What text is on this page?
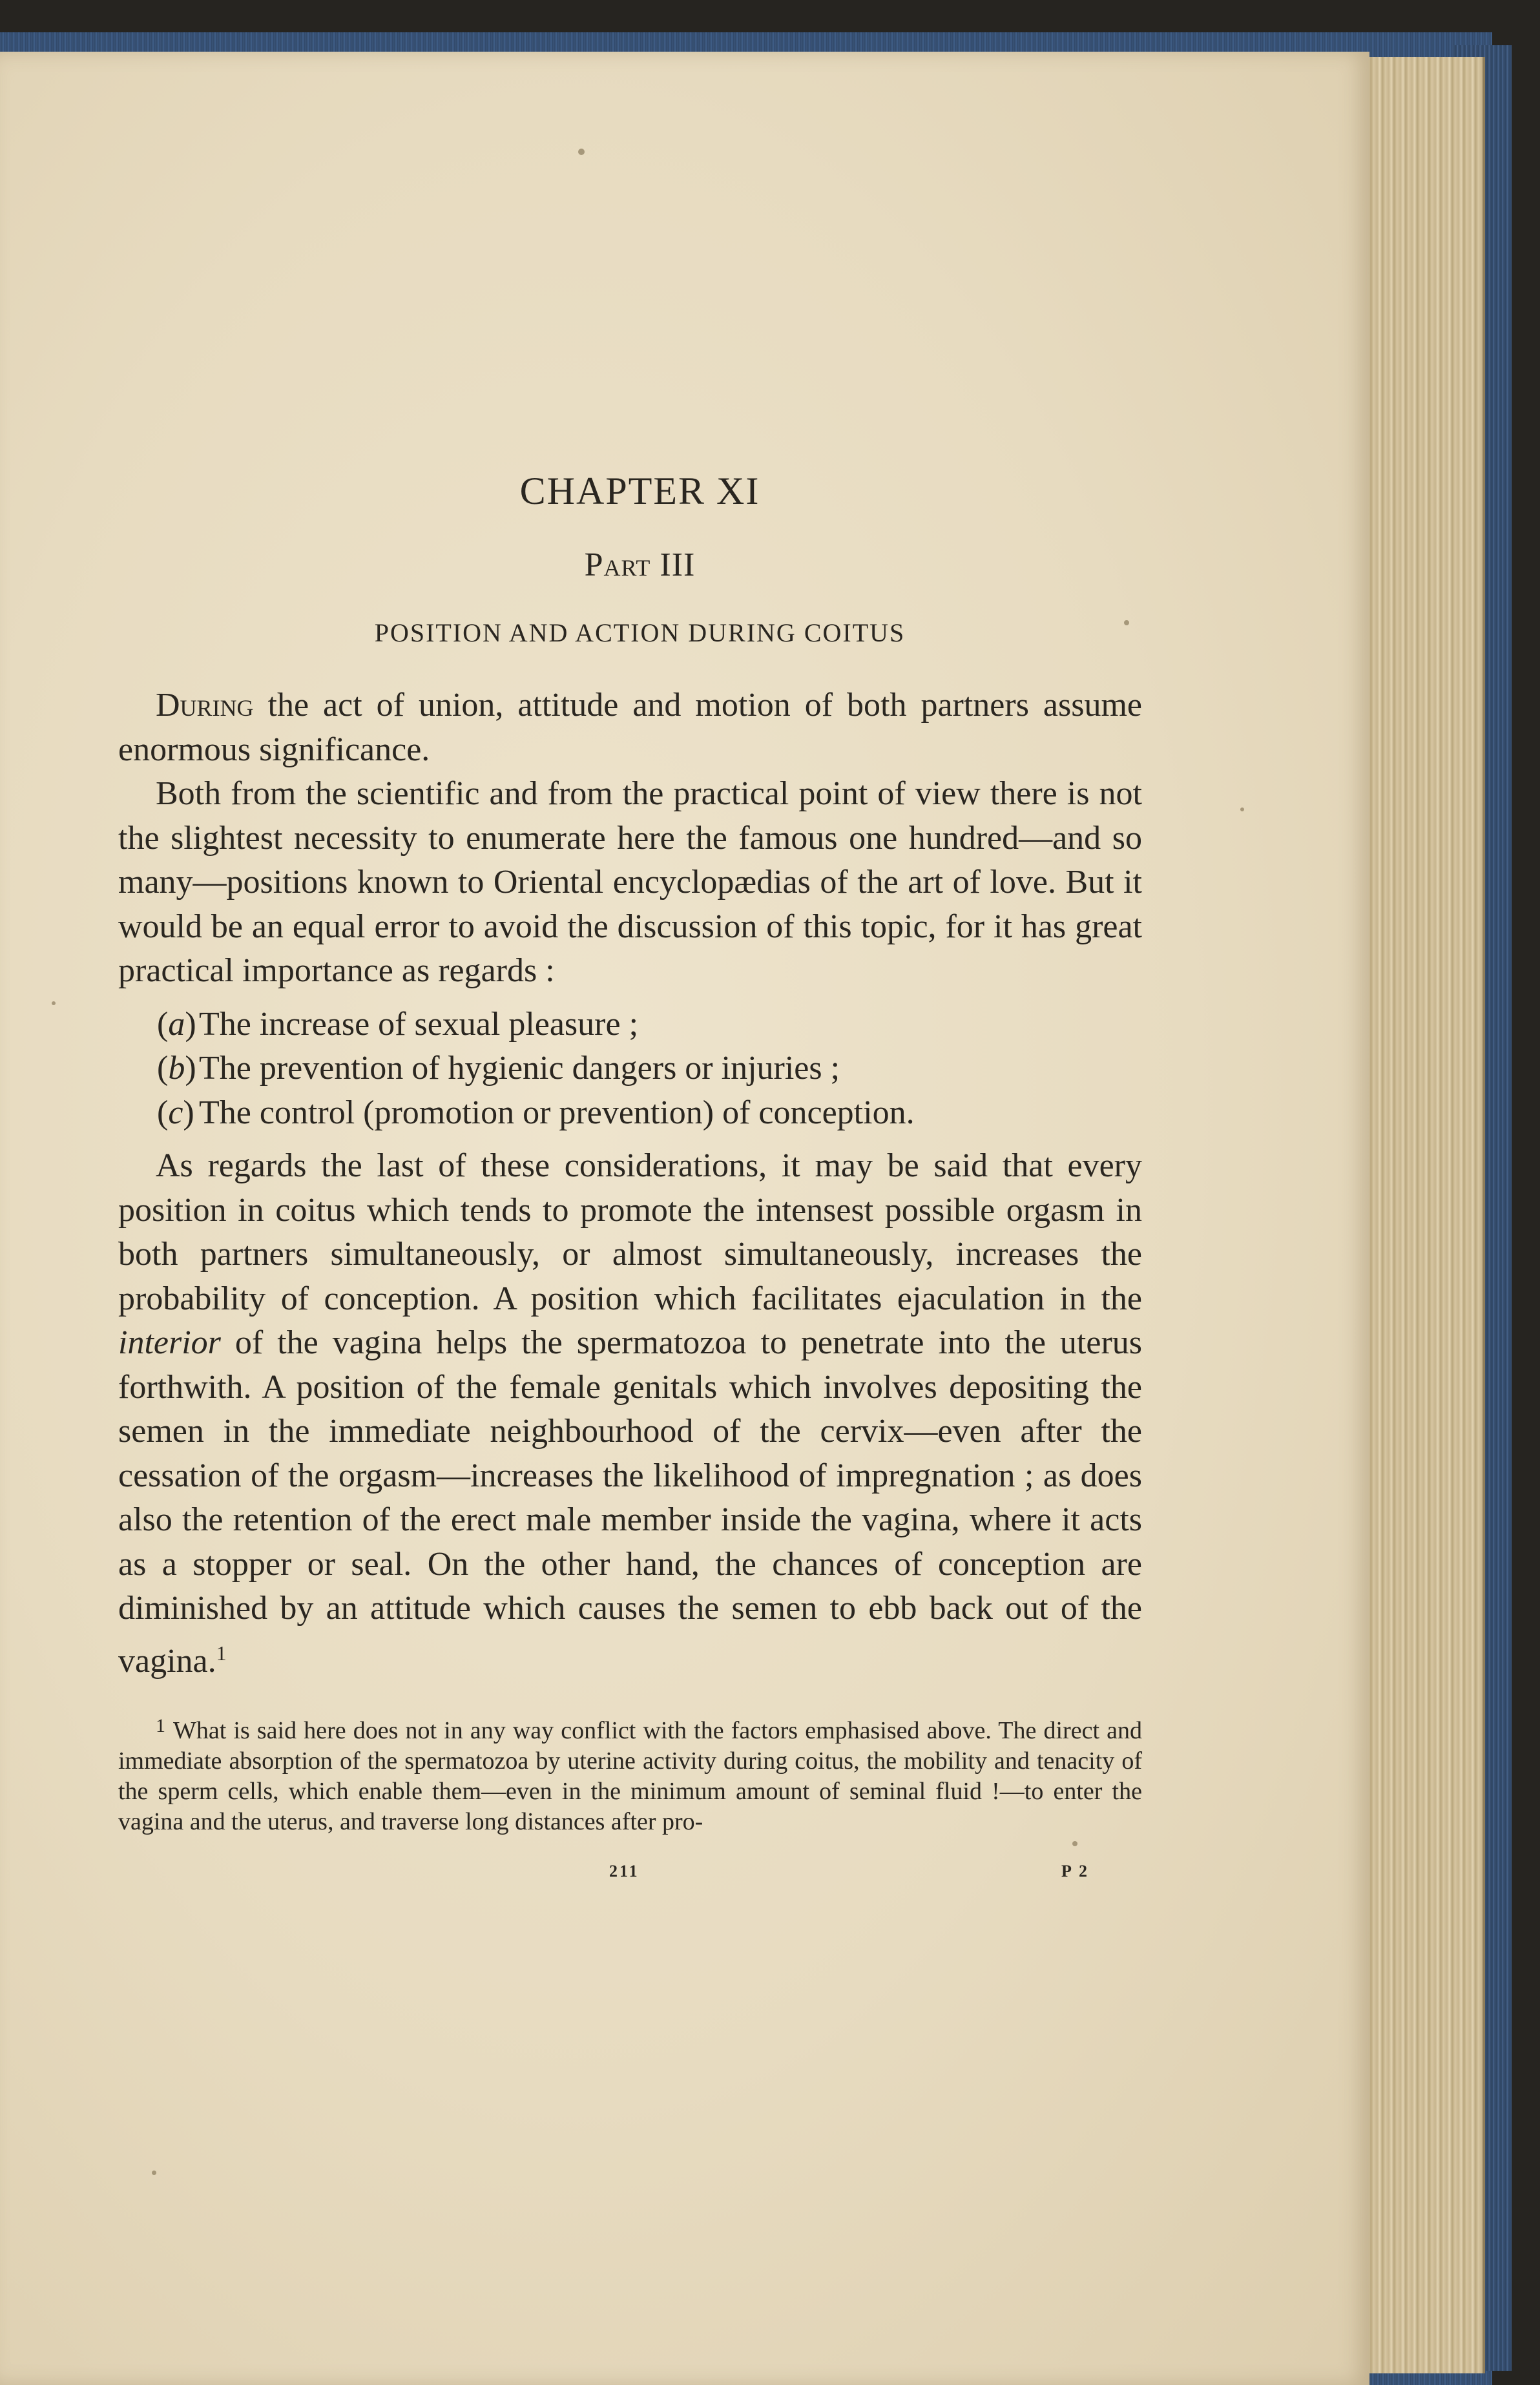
CHAPTER XI
Part III
POSITION AND ACTION DURING COITUS

During the act of union, attitude and motion of both partners assume enormous significance.

Both from the scientific and from the practical point of view there is not the slightest necessity to enumerate here the famous one hundred—and so many—positions known to Oriental encyclopædias of the art of love. But it would be an equal error to avoid the discussion of this topic, for it has great practical importance as regards :

(a) The increase of sexual pleasure ;
(b) The prevention of hygienic dangers or injuries ;
(c) The control (promotion or prevention) of conception.

As regards the last of these considerations, it may be said that every position in coitus which tends to promote the intensest possible orgasm in both partners simultaneously, or almost simultaneously, increases the probability of conception. A position which facilitates ejaculation in the interior of the vagina helps the spermatozoa to penetrate into the uterus forthwith. A position of the female genitals which involves depositing the semen in the immediate neighbourhood of the cervix—even after the cessation of the orgasm—increases the likelihood of impregnation ; as does also the retention of the erect male member inside the vagina, where it acts as a stopper or seal. On the other hand, the chances of conception are diminished by an attitude which causes the semen to ebb back out of the vagina.$^1$

$^1$ What is said here does not in any way conflict with the factors emphasised above. The direct and immediate absorption of the spermatozoa by uterine activity during coitus, the mobility and tenacity of the sperm cells, which enable them—even in the minimum amount of seminal fluid !—to enter the vagina and the uterus, and traverse long distances after pro-

211	P 2
